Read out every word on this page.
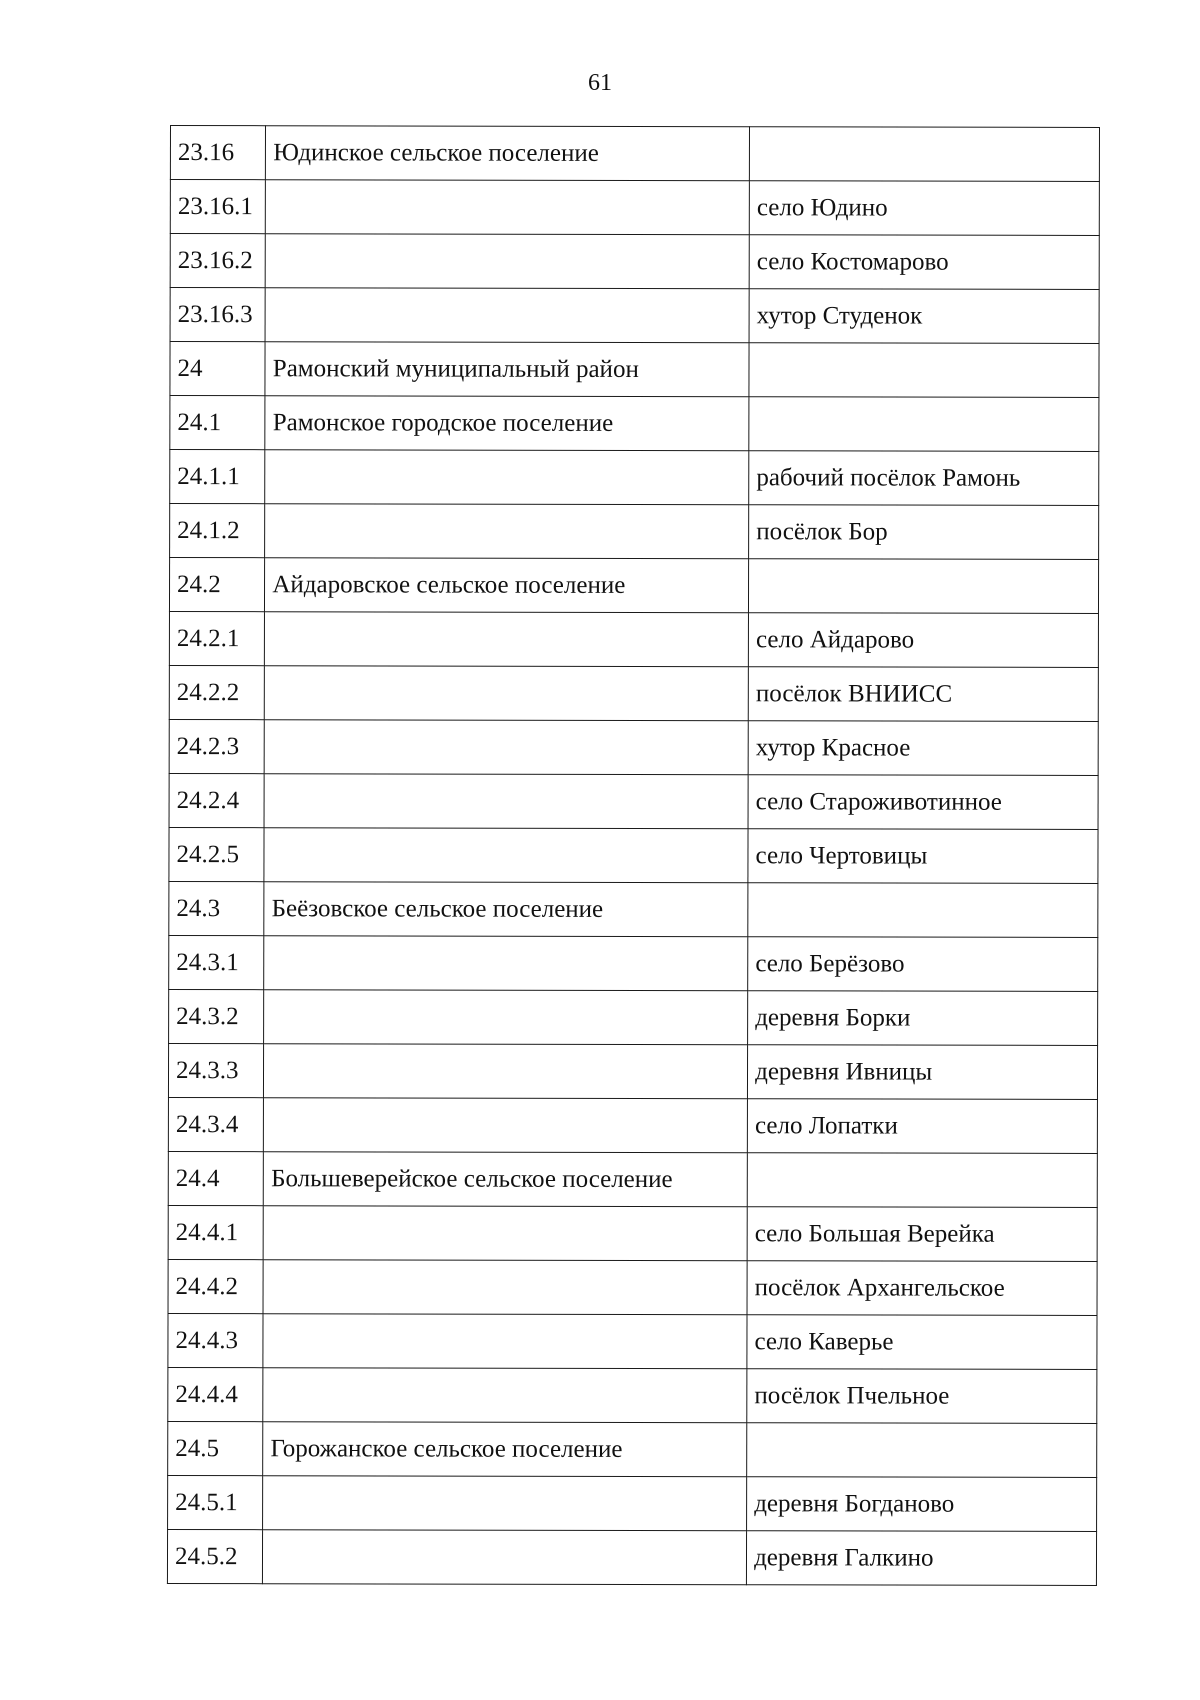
61
23.16	Юдинское сельское поселение	
23.16.1		село Юдино
23.16.2		село Костомарово
23.16.3		хутор Студенок
24	Рамонский муниципальный район	
24.1	Рамонское городское поселение	
24.1.1		рабочий посёлок Рамонь
24.1.2		посёлок Бор
24.2	Айдаровское сельское поселение	
24.2.1		село Айдарово
24.2.2		посёлок ВНИИСС
24.2.3		хутор Красное
24.2.4		село Староживотинное
24.2.5		село Чертовицы
24.3	Беёзовское сельское поселение	
24.3.1		село Берёзово
24.3.2		деревня Борки
24.3.3		деревня Ивницы
24.3.4		село Лопатки
24.4	Большеверейское сельское поселение	
24.4.1		село Большая Верейка
24.4.2		посёлок Архангельское
24.4.3		село Каверье
24.4.4		посёлок Пчельное
24.5	Горожанское сельское поселение	
24.5.1		деревня Богданово
24.5.2		деревня Галкино
